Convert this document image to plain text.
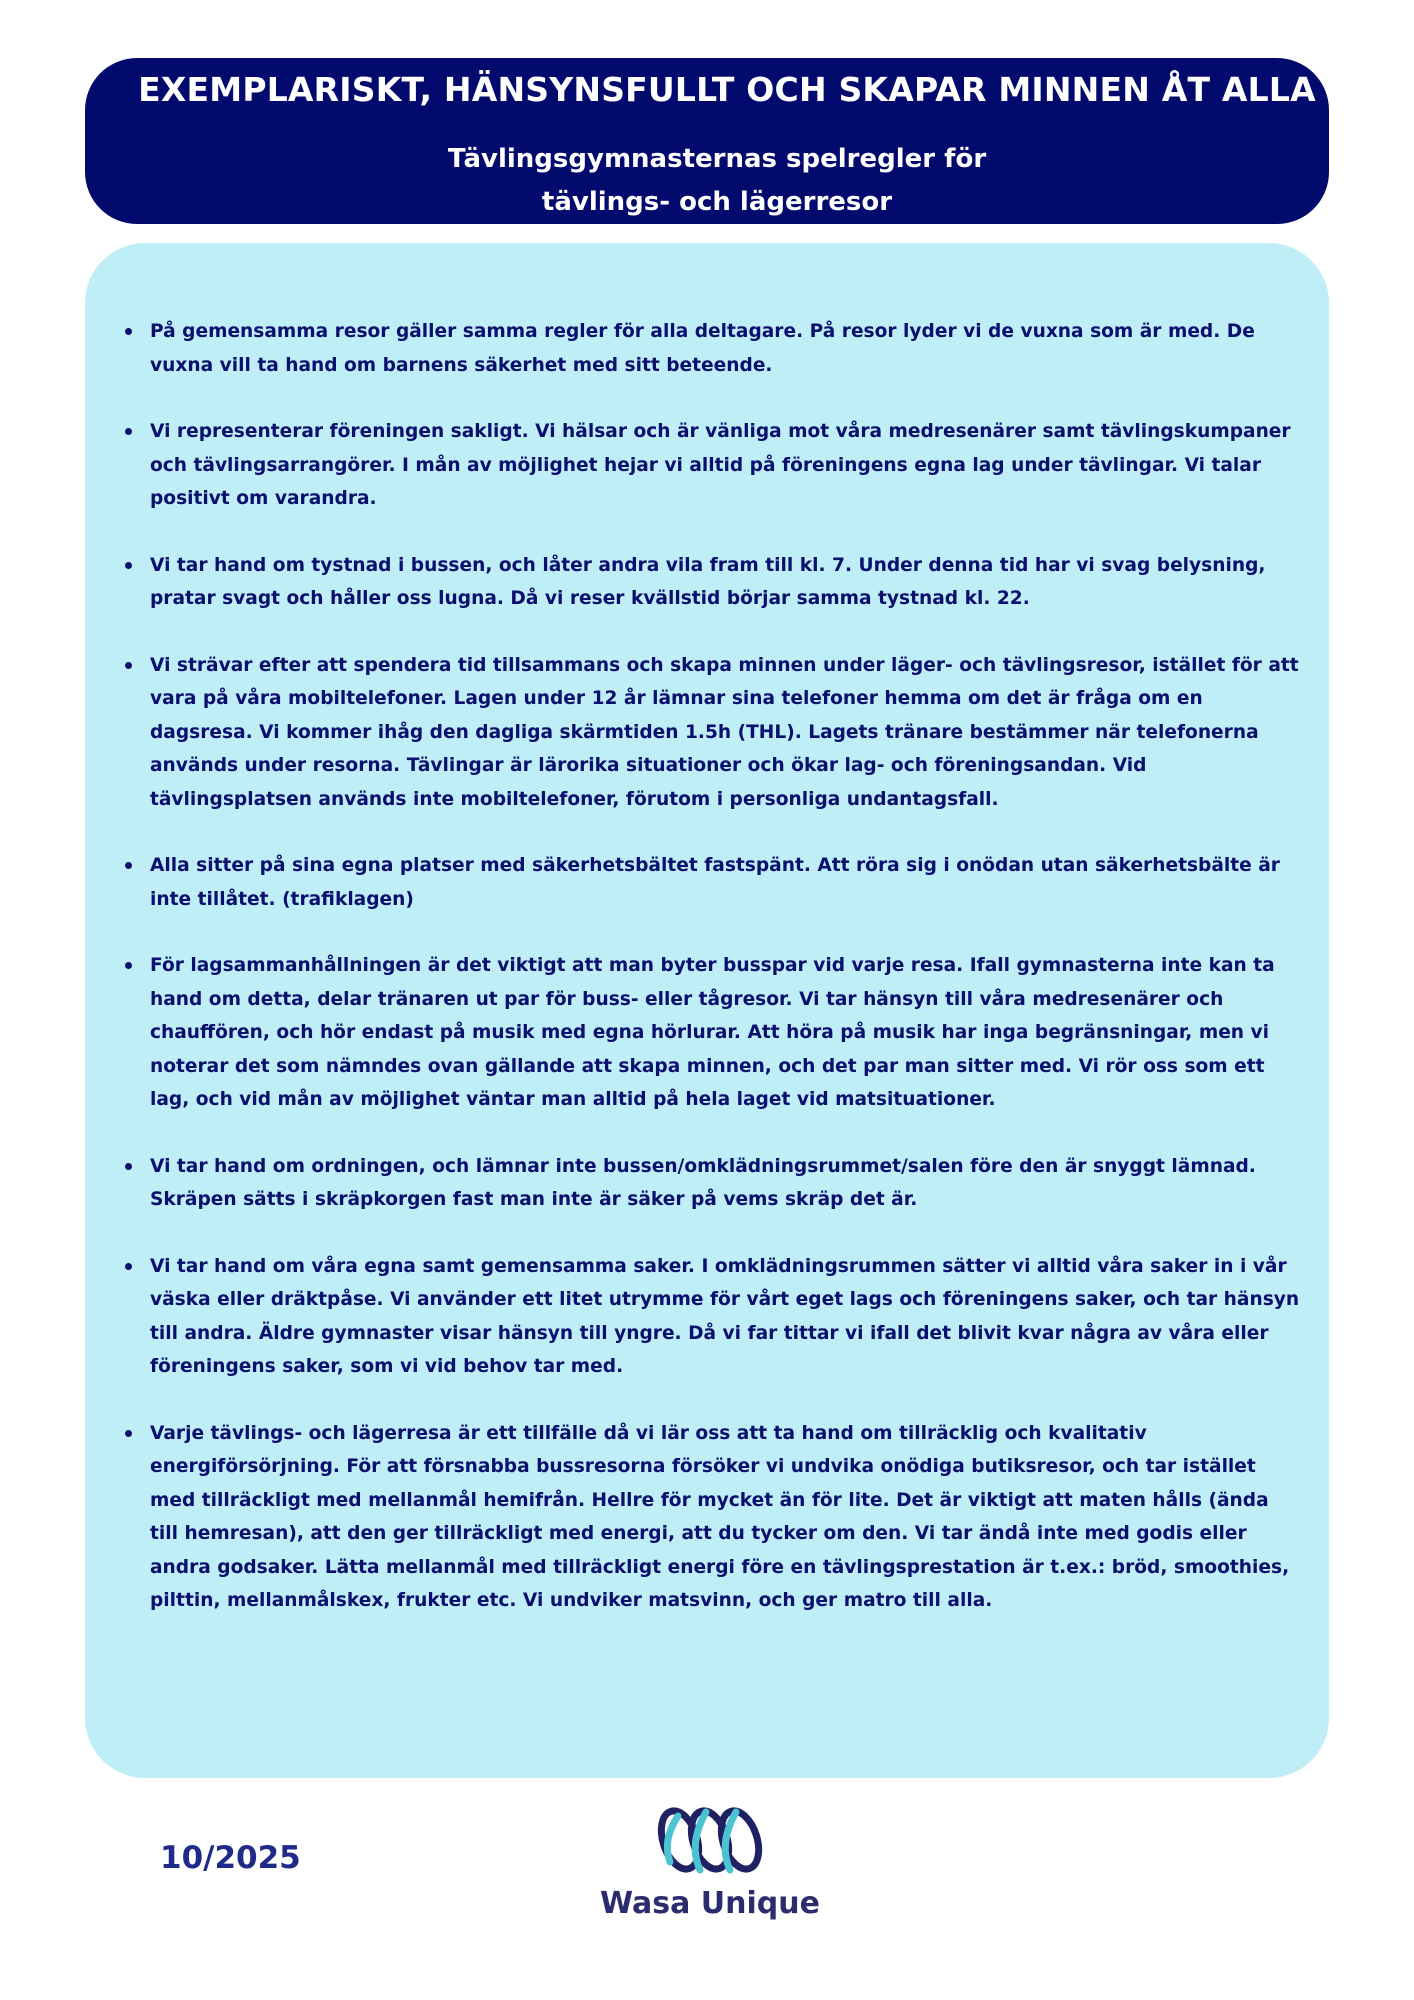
EXEMPLARISKT, HÄNSYNSFULLT OCH SKAPAR MINNEN ÅT ALLA
Tävlingsgymnasternas spelregler för
tävlings- och lägerresor
På gemensamma resor gäller samma regler för alla deltagare. På resor lyder vi de vuxna som är med. De vuxna vill ta hand om barnens säkerhet med sitt beteende.
Vi representerar föreningen sakligt. Vi hälsar och är vänliga mot våra medresenärer samt tävlingskumpaner och tävlingsarrangörer. I mån av möjlighet hejar vi alltid på föreningens egna lag under tävlingar. Vi talar positivt om varandra.
Vi tar hand om tystnad i bussen, och låter andra vila fram till kl. 7. Under denna tid har vi svag belysning, pratar svagt och håller oss lugna. Då vi reser kvällstid börjar samma tystnad kl. 22.
Vi strävar efter att spendera tid tillsammans och skapa minnen under läger- och tävlingsresor, istället för att vara på våra mobiltelefoner. Lagen under 12 år lämnar sina telefoner hemma om det är fråga om en dagsresa. Vi kommer ihåg den dagliga skärmtiden 1.5h (THL). Lagets tränare bestämmer när telefonerna används under resorna. Tävlingar är lärorika situationer och ökar lag- och föreningsandan. Vid tävlingsplatsen används inte mobiltelefoner, förutom i personliga undantagsfall.
Alla sitter på sina egna platser med säkerhetsbältet fastspänt. Att röra sig i onödan utan säkerhetsbälte är inte tillåtet. (trafiklagen)
För lagsammanhållningen är det viktigt att man byter busspar vid varje resa. Ifall gymnasterna inte kan ta hand om detta, delar tränaren ut par för buss- eller tågresor. Vi tar hänsyn till våra medresenärer och chauffören, och hör endast på musik med egna hörlurar. Att höra på musik har inga begränsningar, men vi noterar det som nämndes ovan gällande att skapa minnen, och det par man sitter med. Vi rör oss som ett lag, och vid mån av möjlighet väntar man alltid på hela laget vid matsituationer.
Vi tar hand om ordningen, och lämnar inte bussen/omklädningsrummet/salen före den är snyggt lämnad. Skräpen sätts i skräpkorgen fast man inte är säker på vems skräp det är.
Vi tar hand om våra egna samt gemensamma saker. I omklädningsrummen sätter vi alltid våra saker in i vår väska eller dräktpåse. Vi använder ett litet utrymme för vårt eget lags och föreningens saker, och tar hänsyn till andra. Äldre gymnaster visar hänsyn till yngre. Då vi far tittar vi ifall det blivit kvar några av våra eller föreningens saker, som vi vid behov tar med.
Varje tävlings- och lägerresa är ett tillfälle då vi lär oss att ta hand om tillräcklig och kvalitativ energiförsörjning. För att försnabba bussresorna försöker vi undvika onödiga butiksresor, och tar istället med tillräckligt med mellanmål hemifrån. Hellre för mycket än för lite. Det är viktigt att maten hålls (ända till hemresan), att den ger tillräckligt med energi, att du tycker om den. Vi tar ändå inte med godis eller andra godsaker. Lätta mellanmål med tillräckligt energi före en tävlingsprestation är t.ex.: bröd, smoothies, pilttin, mellanmålskex, frukter etc. Vi undviker matsvinn, och ger matro till alla.
10/2025
Wasa Unique
